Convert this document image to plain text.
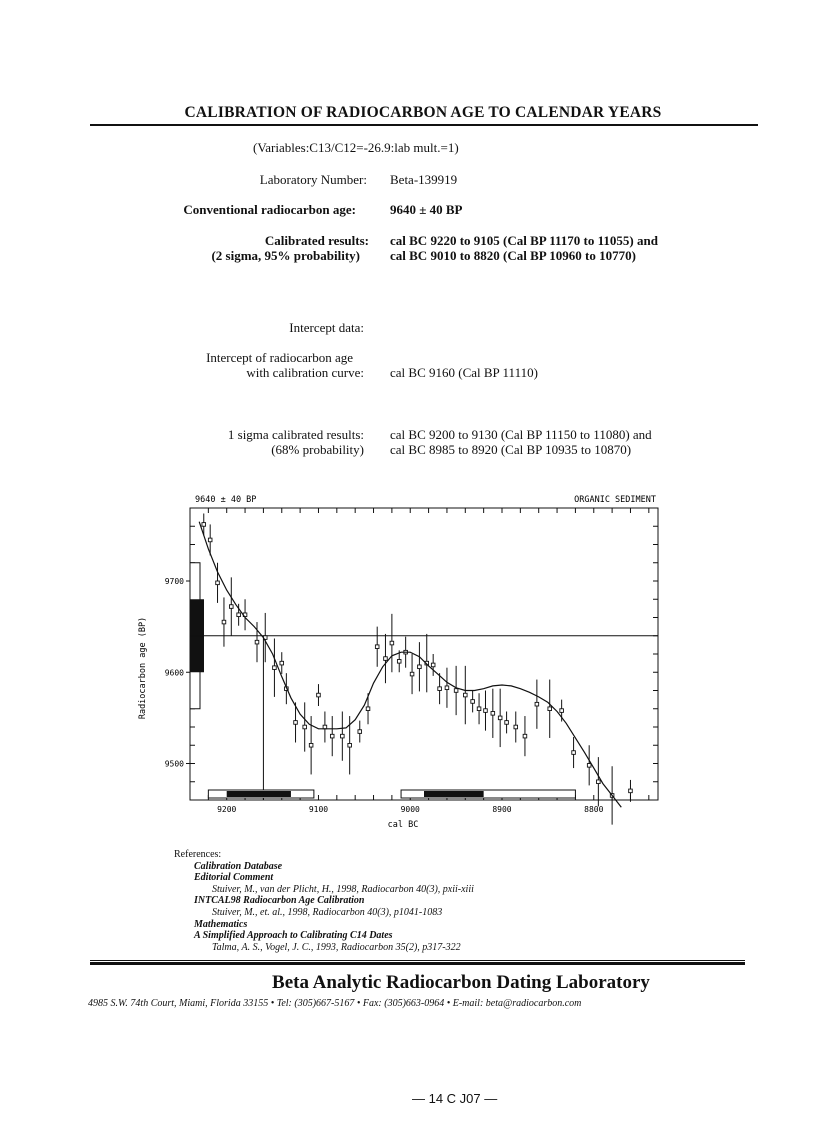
CALIBRATION OF RADIOCARBON AGE TO CALENDAR YEARS
(Variables:C13/C12=-26.9:lab mult.=1)
Laboratory Number: Beta-139919
Conventional radiocarbon age:	9640 ± 40 BP
Calibrated results:
(2 sigma, 95% probability)
cal BC 9220 to 9105 (Cal BP 11170 to 11055) and
cal BC 9010 to 8820 (Cal BP 10960 to 10770)
Intercept data:
Intercept of radiocarbon age
with calibration curve: cal BC 9160 (Cal BP 11110)
1 sigma calibrated results:
(68% probability)
cal BC 9200 to 9130 (Cal BP 11150 to 11080) and
cal BC 8985 to 8920 (Cal BP 10935 to 10870)
9640 ± 40 BP	ORGANIC SEDIMENT
cal BC
Radiocarbon age (BP)
9500
9600
9700
9200	9100	9000	8900	8800
References:
Calibration Database
Editorial Comment
Stuiver, M., van der Plicht, H., 1998, Radiocarbon 40(3), pxii-xiii
INTCAL98 Radiocarbon Age Calibration
Stuiver, M., et. al., 1998, Radiocarbon 40(3), p1041-1083
Mathematics
A Simplified Approach to Calibrating C14 Dates
Talma, A. S., Vogel, J. C., 1993, Radiocarbon 35(2), p317-322
Beta Analytic Radiocarbon Dating Laboratory
4985 S.W. 74th Court, Miami, Florida 33155 • Tel: (305)667-5167 • Fax: (305)663-0964 • E-mail: beta@radiocarbon.com
— 14 C J07 —
